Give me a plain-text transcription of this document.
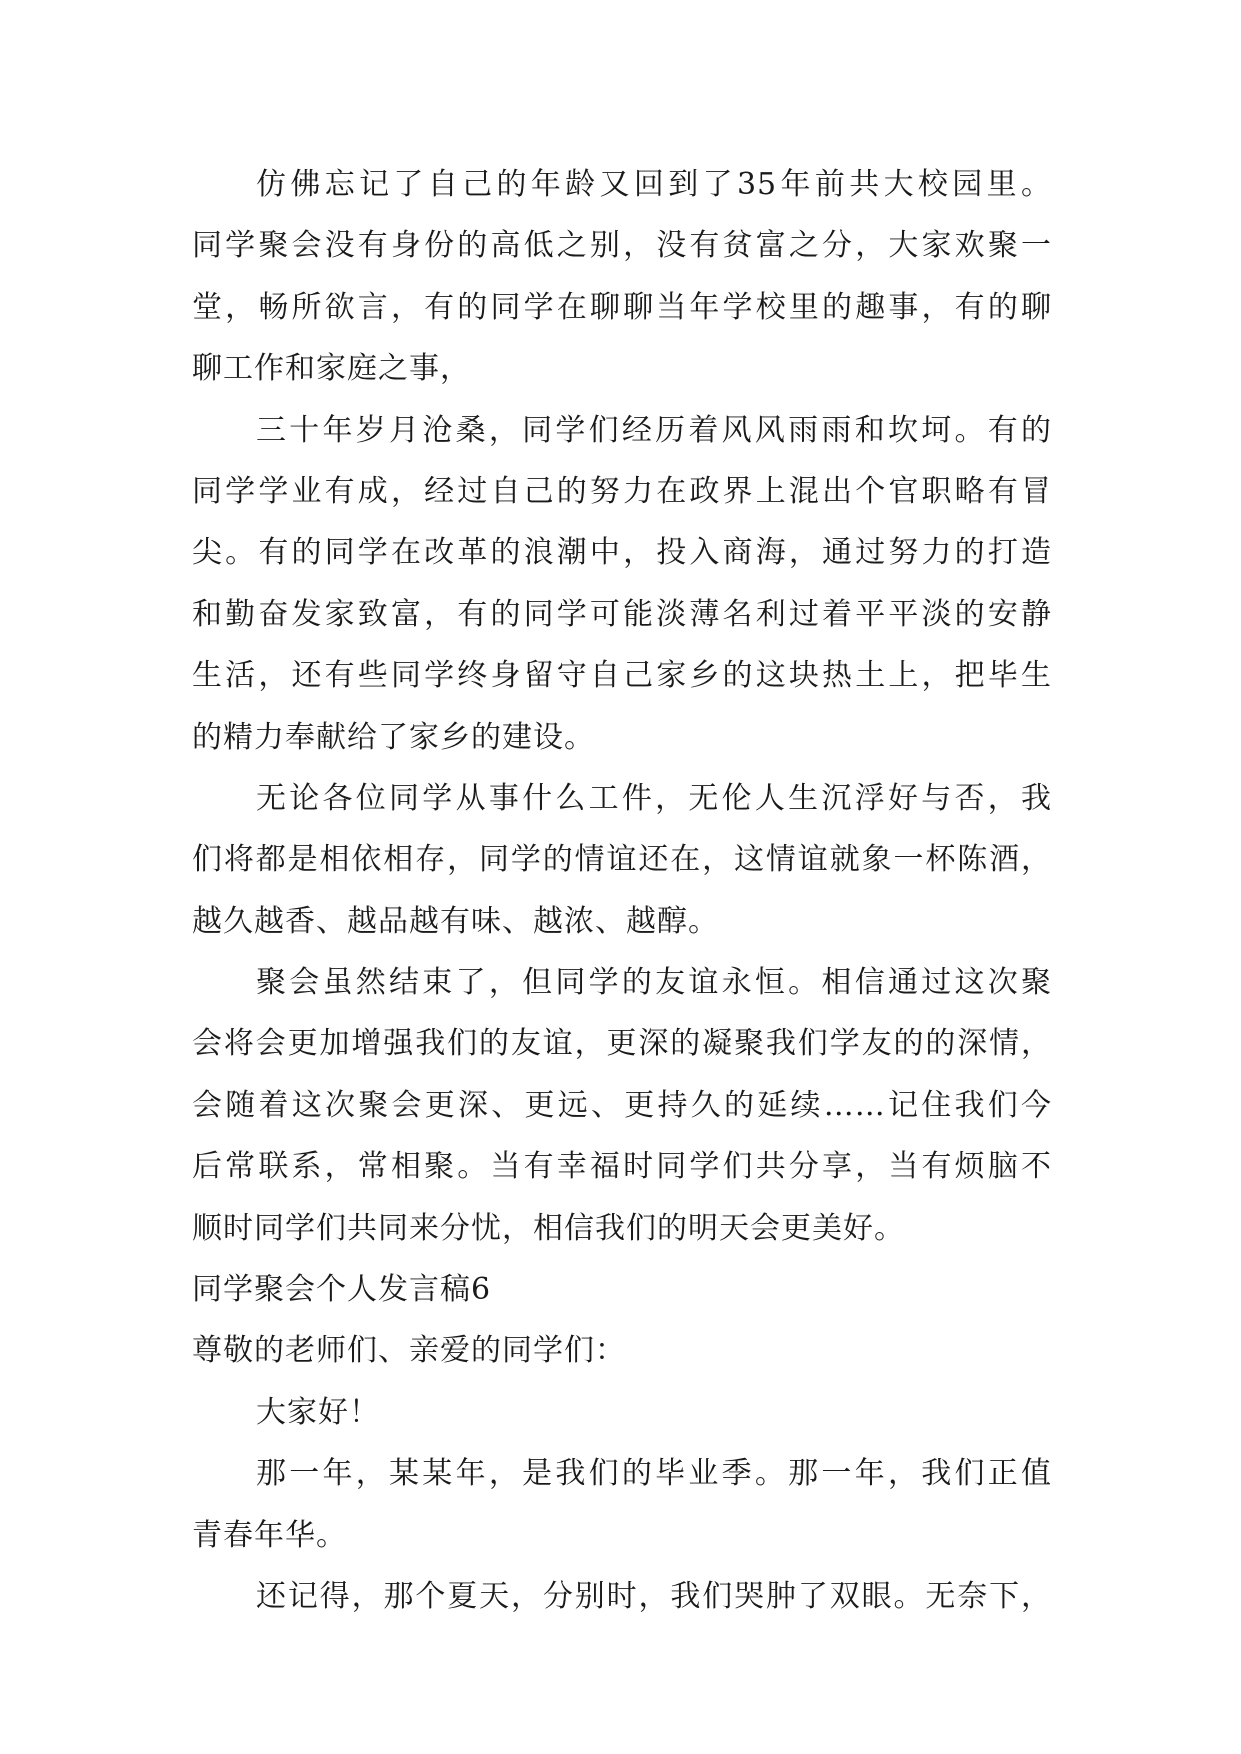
仿佛忘记了自己的年龄又回到了35年前共大校园里。
同学聚会没有身份的高低之别，没有贫富之分，大家欢聚一
堂，畅所欲言，有的同学在聊聊当年学校里的趣事，有的聊
聊工作和家庭之事，
三十年岁月沧桑，同学们经历着风风雨雨和坎坷。有的
同学学业有成，经过自己的努力在政界上混出个官职略有冒
尖。有的同学在改革的浪潮中，投入商海，通过努力的打造
和勤奋发家致富，有的同学可能淡薄名利过着平平淡的安静
生活，还有些同学终身留守自己家乡的这块热土上，把毕生
的精力奉献给了家乡的建设。
无论各位同学从事什么工件，无伦人生沉浮好与否，我
们将都是相依相存，同学的情谊还在，这情谊就象一杯陈酒，
越久越香、越品越有味、越浓、越醇。
聚会虽然结束了，但同学的友谊永恒。相信通过这次聚
会将会更加增强我们的友谊，更深的凝聚我们学友的的深情，
会随着这次聚会更深、更远、更持久的延续……记住我们今
后常联系，常相聚。当有幸福时同学们共分享，当有烦脑不
顺时同学们共同来分忧，相信我们的明天会更美好。
同学聚会个人发言稿6
尊敬的老师们、亲爱的同学们：
大家好！
那一年，某某年，是我们的毕业季。那一年，我们正值
青春年华。
还记得，那个夏天，分别时，我们哭肿了双眼。无奈下，
